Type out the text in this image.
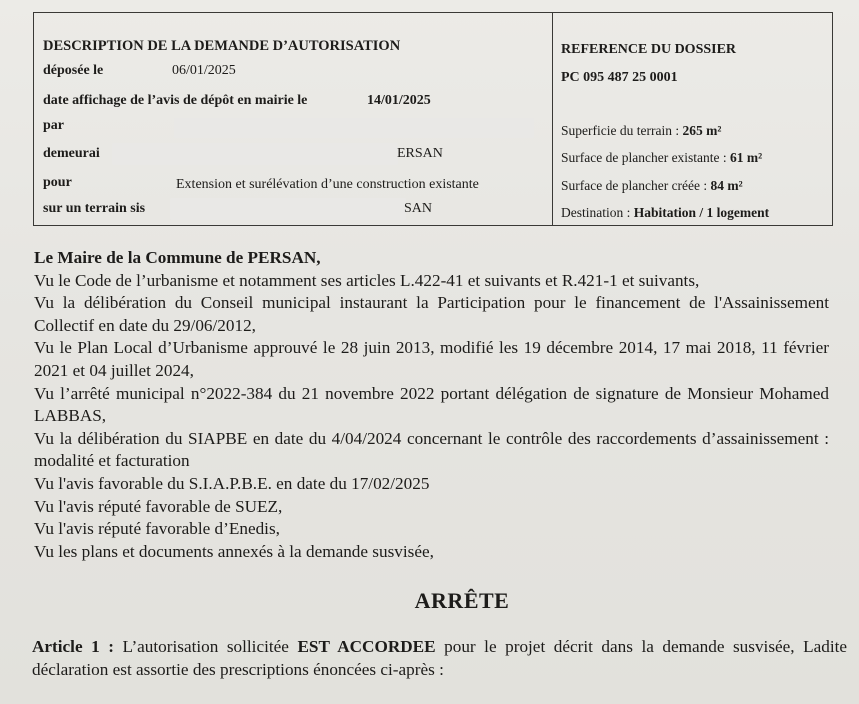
DESCRIPTION DE LA DEMANDE D’AUTORISATION
déposée le	06/01/2025
date affichage de l’avis de dépôt en mairie le	14/01/2025
par
demeurai	ERSAN
pour	Extension et surélévation d’une construction existante
sur un terrain sis	SAN
REFERENCE DU DOSSIER
PC 095 487 25 0001
Superficie du terrain : 265 m²
Surface de plancher existante : 61 m²
Surface de plancher créée : 84 m²
Destination : Habitation / 1 logement

Le Maire de la Commune de PERSAN,

Vu le Code de l’urbanisme et notamment ses articles L.422-41 et suivants et R.421-1 et suivants,

Vu la délibération du Conseil municipal instaurant la Participation pour le financement de l'Assainissement Collectif en date du 29/06/2012,

Vu le Plan Local d’Urbanisme approuvé le 28 juin 2013, modifié les 19 décembre 2014, 17 mai 2018, 11 février 2021 et 04 juillet 2024,

Vu l’arrêté municipal n°2022-384 du 21 novembre 2022 portant délégation de signature de Monsieur Mohamed LABBAS,

Vu la délibération du SIAPBE en date du 4/04/2024 concernant le contrôle des raccordements d’assainissement : modalité et facturation

Vu l'avis favorable du S.I.A.P.B.E. en date du 17/02/2025

Vu l'avis réputé favorable de SUEZ,

Vu l'avis réputé favorable d’Enedis,

Vu les plans et documents annexés à la demande susvisée,

ARRÊTE

Article 1 : L’autorisation sollicitée EST ACCORDEE pour le projet décrit dans la demande susvisée, Ladite déclaration est assortie des prescriptions énoncées ci-après :
